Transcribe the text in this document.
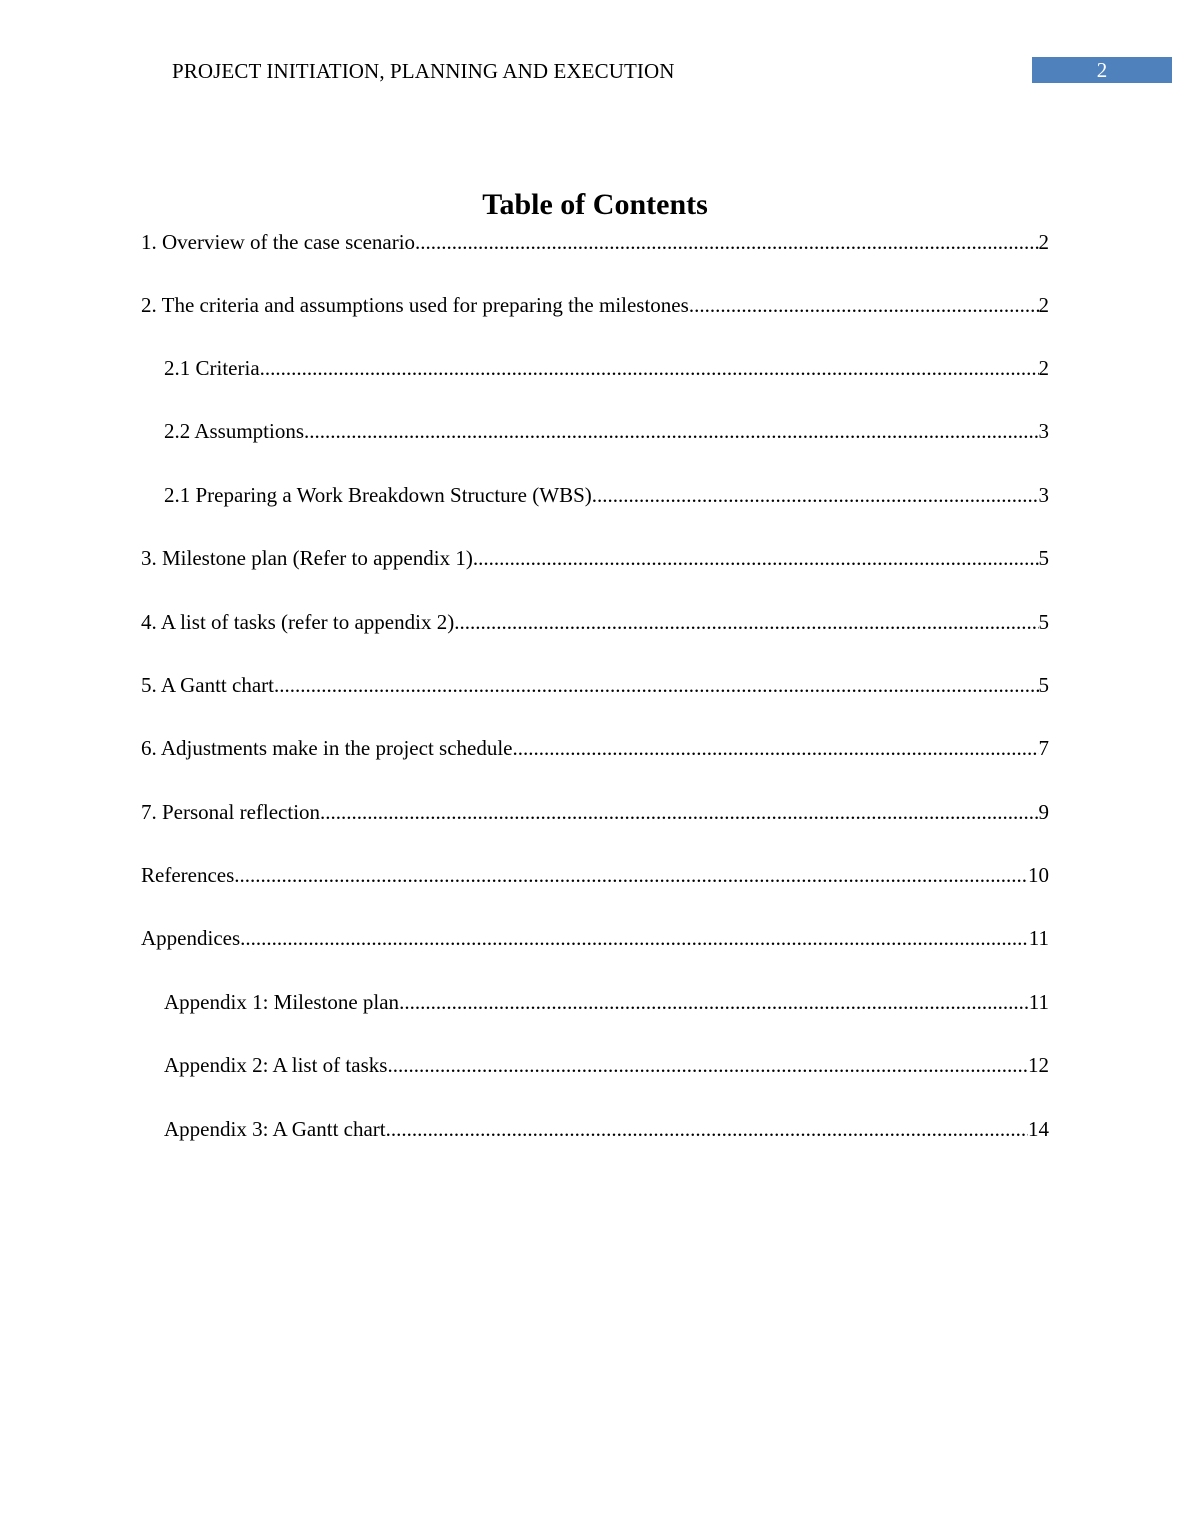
PROJECT INITIATION, PLANNING AND EXECUTION	2
Table of Contents
1. Overview of the case scenario .....	2
2. The criteria and assumptions used for preparing the milestones .....	2
2.1 Criteria .....	2
2.2 Assumptions .....	3
2.1 Preparing a Work Breakdown Structure (WBS) .....	3
3. Milestone plan (Refer to appendix 1) .....	5
4. A list of tasks (refer to appendix 2) .....	5
5. A Gantt chart .....	5
6. Adjustments make in the project schedule .....	7
7. Personal reflection .....	9
References .....	10
Appendices .....	11
Appendix 1: Milestone plan .....	11
Appendix 2: A list of tasks .....	12
Appendix 3: A Gantt chart .....	14
